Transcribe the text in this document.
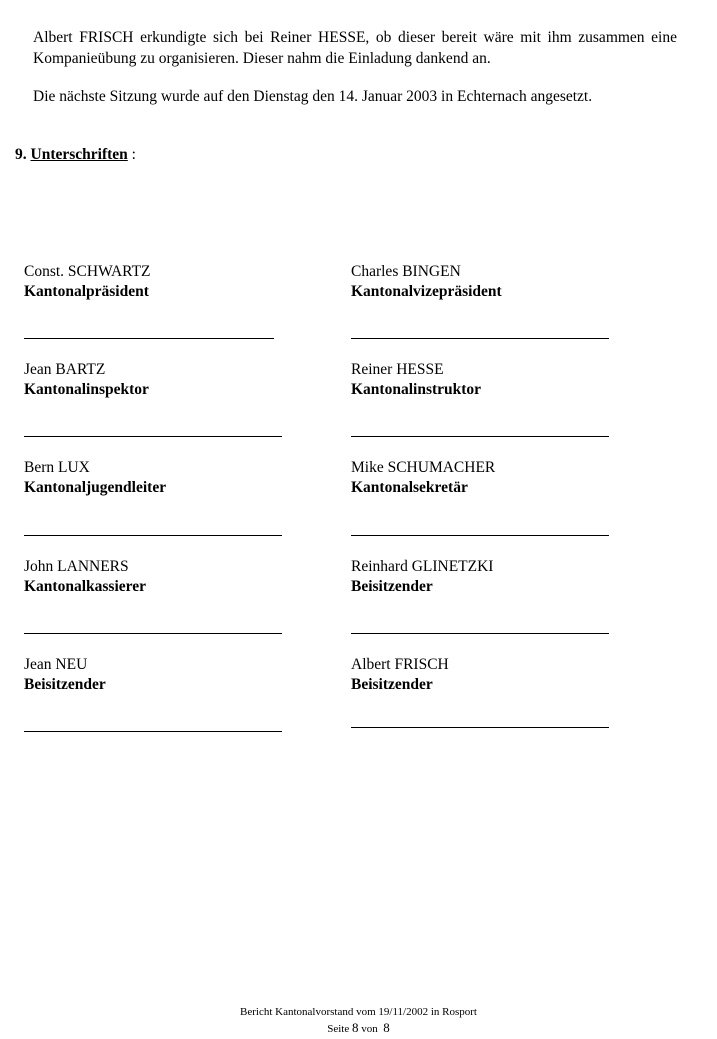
Albert FRISCH erkundigte sich bei Reiner HESSE, ob dieser bereit wäre mit ihm zusammen eine Kompanieübung zu organisieren. Dieser nahm die Einladung dankend an.

Die nächste Sitzung wurde auf den Dienstag den 14. Januar 2003 in Echternach angesetzt.

9. Unterschriften :

Const. SCHWARTZ
Kantonalpräsident
Jean BARTZ
Kantonalinspektor
Bern LUX
Kantonaljugendleiter
John LANNERS
Kantonalkassierer
Jean NEU
Beisitzender
Charles BINGEN
Kantonalvizepräsident
Reiner HESSE
Kantonalinstruktor
Mike SCHUMACHER
Kantonalsekretär
Reinhard GLINETZKI
Beisitzender
Albert FRISCH
Beisitzender
Bericht Kantonalvorstand vom 19/11/2002 in Rosport
Seite 8 von 8
